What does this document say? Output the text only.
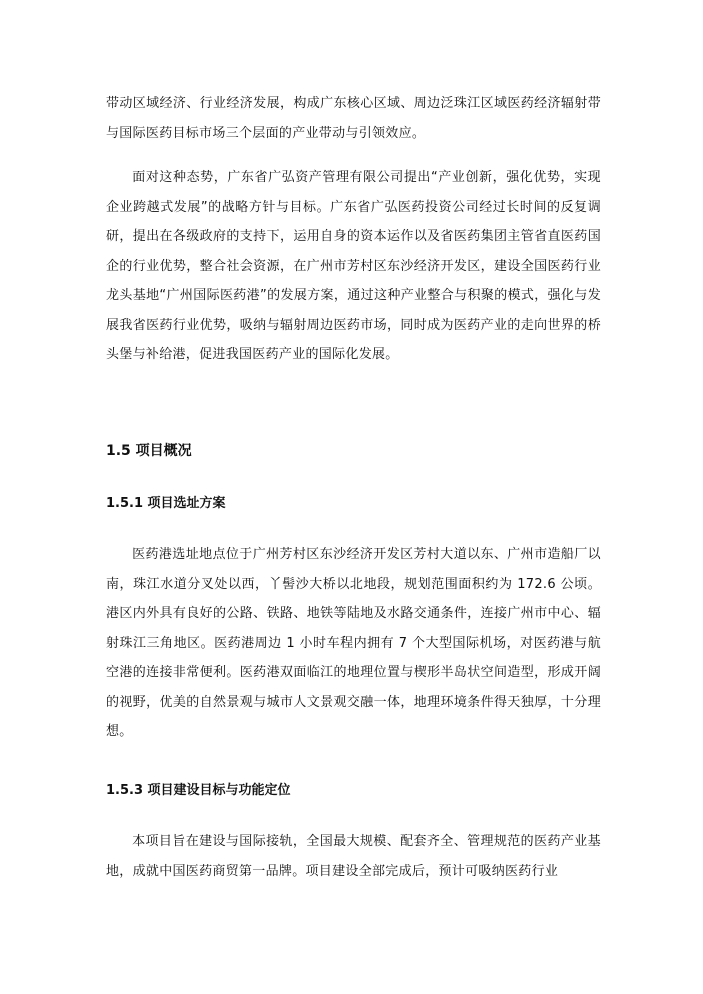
带动区域经济、行业经济发展，构成广东核心区域、周边泛珠江区域医药经济辐射带与国际医药目标市场三个层面的产业带动与引领效应。

面对这种态势，广东省广弘资产管理有限公司提出“产业创新，强化优势，实现企业跨越式发展”的战略方针与目标。广东省广弘医药投资公司经过长时间的反复调研，提出在各级政府的支持下，运用自身的资本运作以及省医药集团主管省直医药国企的行业优势，整合社会资源，在广州市芳村区东沙经济开发区，建设全国医药行业龙头基地“广州国际医药港”的发展方案，通过这种产业整合与积聚的模式，强化与发展我省医药行业优势，吸纳与辐射周边医药市场，同时成为医药产业的走向世界的桥头堡与补给港，促进我国医药产业的国际化发展。

1.5 项目概况

1.5.1 项目选址方案

医药港选址地点位于广州芳村区东沙经济开发区芳村大道以东、广州市造船厂以南，珠江水道分叉处以西，丫髻沙大桥以北地段，规划范围面积约为 172.6 公顷。港区内外具有良好的公路、铁路、地铁等陆地及水路交通条件，连接广州市中心、辐射珠江三角地区。医药港周边 1 小时车程内拥有 7 个大型国际机场，对医药港与航空港的连接非常便利。医药港双面临江的地理位置与楔形半岛状空间造型，形成开阔的视野，优美的自然景观与城市人文景观交融一体，地理环境条件得天独厚，十分理想。

1.5.3 项目建设目标与功能定位

本项目旨在建设与国际接轨，全国最大规模、配套齐全、管理规范的医药产业基地，成就中国医药商贸第一品牌。项目建设全部完成后，预计可吸纳医药行业
